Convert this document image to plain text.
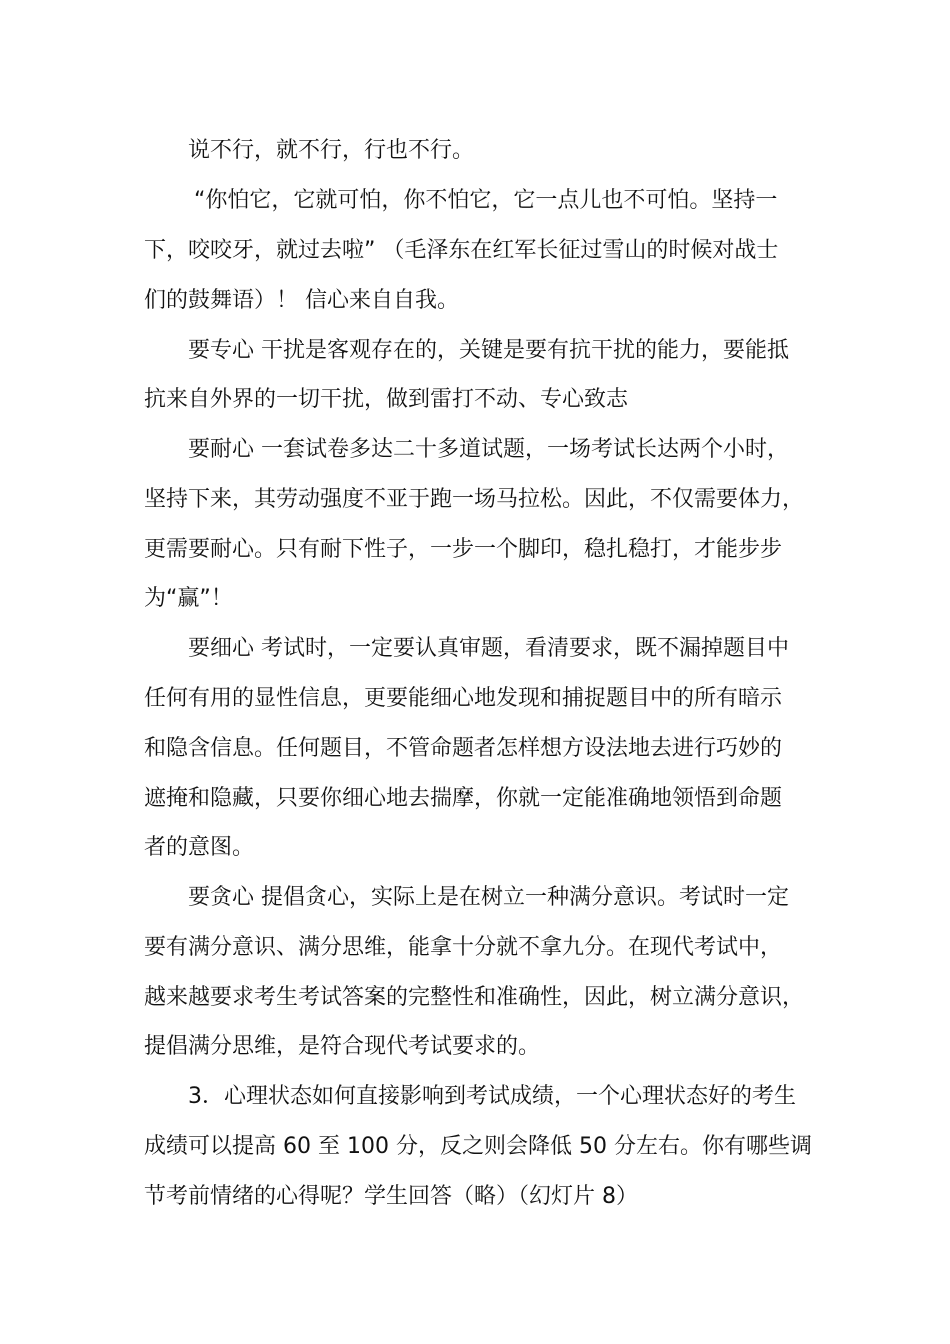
说不行，就不行，行也不行。
“你怕它，它就可怕，你不怕它，它一点儿也不可怕。坚持一
下，咬咬牙，就过去啦” （毛泽东在红军长征过雪山的时候对战士
们的鼓舞语）！ 信心来自自我。
要专心 干扰是客观存在的，关键是要有抗干扰的能力，要能抵
抗来自外界的一切干扰，做到雷打不动、专心致志
要耐心 一套试卷多达二十多道试题，一场考试长达两个小时，
坚持下来，其劳动强度不亚于跑一场马拉松。因此，不仅需要体力，
更需要耐心。只有耐下性子，一步一个脚印，稳扎稳打，才能步步
为“赢”！
要细心 考试时，一定要认真审题，看清要求，既不漏掉题目中
任何有用的显性信息，更要能细心地发现和捕捉题目中的所有暗示
和隐含信息。任何题目，不管命题者怎样想方设法地去进行巧妙的
遮掩和隐藏，只要你细心地去揣摩，你就一定能准确地领悟到命题
者的意图。
要贪心 提倡贪心，实际上是在树立一种满分意识。考试时一定
要有满分意识、满分思维，能拿十分就不拿九分。在现代考试中，
越来越要求考生考试答案的完整性和准确性，因此，树立满分意识，
提倡满分思维，是符合现代考试要求的。
3．心理状态如何直接影响到考试成绩，一个心理状态好的考生
成绩可以提高 60 至 100 分，反之则会降低 50 分左右。你有哪些调
节考前情绪的心得呢？学生回答（略）（幻灯片 8）
